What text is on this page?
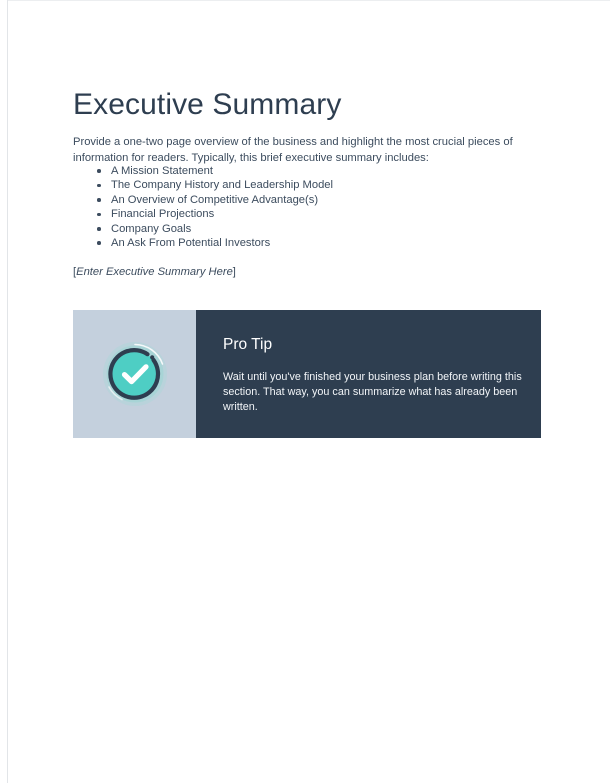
Executive Summary

Provide a one-two page overview of the business and highlight the most crucial pieces of information for readers. Typically, this brief executive summary includes:

A Mission Statement
The Company History and Leadership Model
An Overview of Competitive Advantage(s)
Financial Projections
Company Goals
An Ask From Potential Investors
[Enter Executive Summary Here]
Pro Tip
Wait until you've finished your business plan before writing this section. That way, you can summarize what has already been written.
